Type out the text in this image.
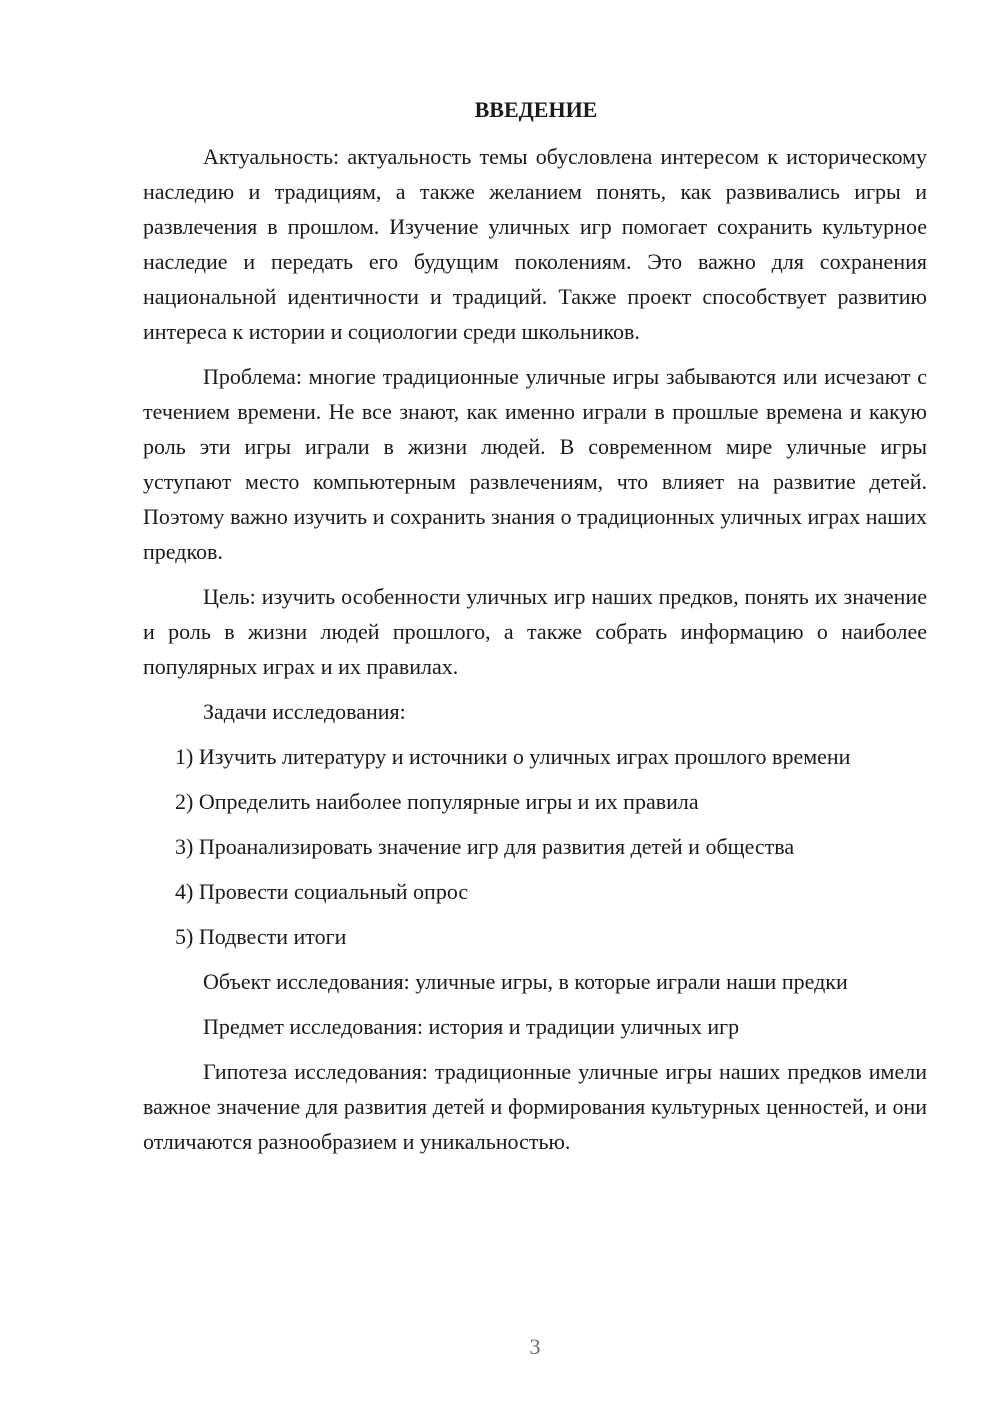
ВВЕДЕНИЕ

Актуальность: актуальность темы обусловлена интересом к историческому наследию и традициям, а также желанием понять, как развивались игры и развлечения в прошлом. Изучение уличных игр помогает сохранить культурное наследие и передать его будущим поколениям. Это важно для сохранения национальной идентичности и традиций. Также проект способствует развитию интереса к истории и социологии среди школьников.

Проблема: многие традиционные уличные игры забываются или исчезают с течением времени. Не все знают, как именно играли в прошлые времена и какую роль эти игры играли в жизни людей. В современном мире уличные игры уступают место компьютерным развлечениям, что влияет на развитие детей. Поэтому важно изучить и сохранить знания о традиционных уличных играх наших предков.

Цель: изучить особенности уличных игр наших предков, понять их значение и роль в жизни людей прошлого, а также собрать информацию о наиболее популярных играх и их правилах.

Задачи исследования:

1) Изучить литературу и источники о уличных играх прошлого времени

2) Определить наиболее популярные игры и их правила

3) Проанализировать значение игр для развития детей и общества

4) Провести социальный опрос

5) Подвести итоги

Объект исследования: уличные игры, в которые играли наши предки

Предмет исследования: история и традиции уличных игр

Гипотеза исследования: традиционные уличные игры наших предков имели важное значение для развития детей и формирования культурных ценностей, и они отличаются разнообразием и уникальностью.

3
